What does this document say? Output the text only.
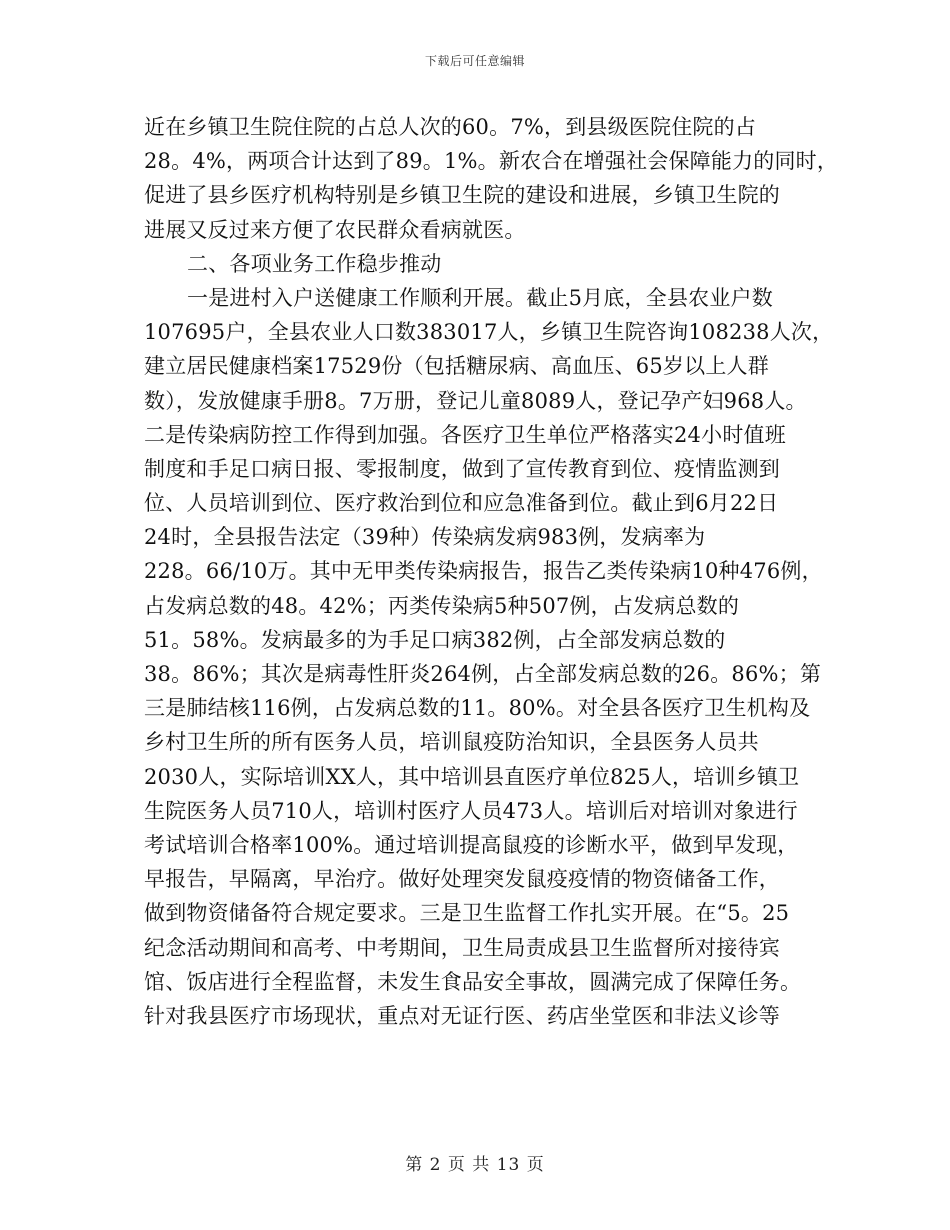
下载后可任意编辑
近在乡镇卫生院住院的占总人次的60。7%，到县级医院住院的占
28。4%，两项合计达到了89。1%。新农合在增强社会保障能力的同时，
促进了县乡医疗机构特别是乡镇卫生院的建设和进展，乡镇卫生院的
进展又反过来方便了农民群众看病就医。
二、各项业务工作稳步推动
一是进村入户送健康工作顺利开展。截止5月底，全县农业户数
107695户，全县农业人口数383017人，乡镇卫生院咨询108238人次，
建立居民健康档案17529份（包括糖尿病、高血压、65岁以上人群
数），发放健康手册8。7万册，登记儿童8089人，登记孕产妇968人。
二是传染病防控工作得到加强。各医疗卫生单位严格落实24小时值班
制度和手足口病日报、零报制度，做到了宣传教育到位、疫情监测到
位、人员培训到位、医疗救治到位和应急准备到位。截止到6月22日
24时，全县报告法定（39种）传染病发病983例，发病率为
228。66/10万。其中无甲类传染病报告，报告乙类传染病10种476例，
占发病总数的48。42%；丙类传染病5种507例，占发病总数的
51。58%。发病最多的为手足口病382例，占全部发病总数的
38。86%；其次是病毒性肝炎264例，占全部发病总数的26。86%；第
三是肺结核116例，占发病总数的11。80%。对全县各医疗卫生机构及
乡村卫生所的所有医务人员，培训鼠疫防治知识，全县医务人员共
2030人，实际培训XX人，其中培训县直医疗单位825人，培训乡镇卫
生院医务人员710人，培训村医疗人员473人。培训后对培训对象进行
考试培训合格率100%。通过培训提高鼠疫的诊断水平，做到早发现，
早报告，早隔离，早治疗。做好处理突发鼠疫疫情的物资储备工作，
做到物资储备符合规定要求。三是卫生监督工作扎实开展。在“5。25
纪念活动期间和高考、中考期间，卫生局责成县卫生监督所对接待宾
馆、饭店进行全程监督，未发生食品安全事故，圆满完成了保障任务。
针对我县医疗市场现状，重点对无证行医、药店坐堂医和非法义诊等
第 2 页 共 13 页
